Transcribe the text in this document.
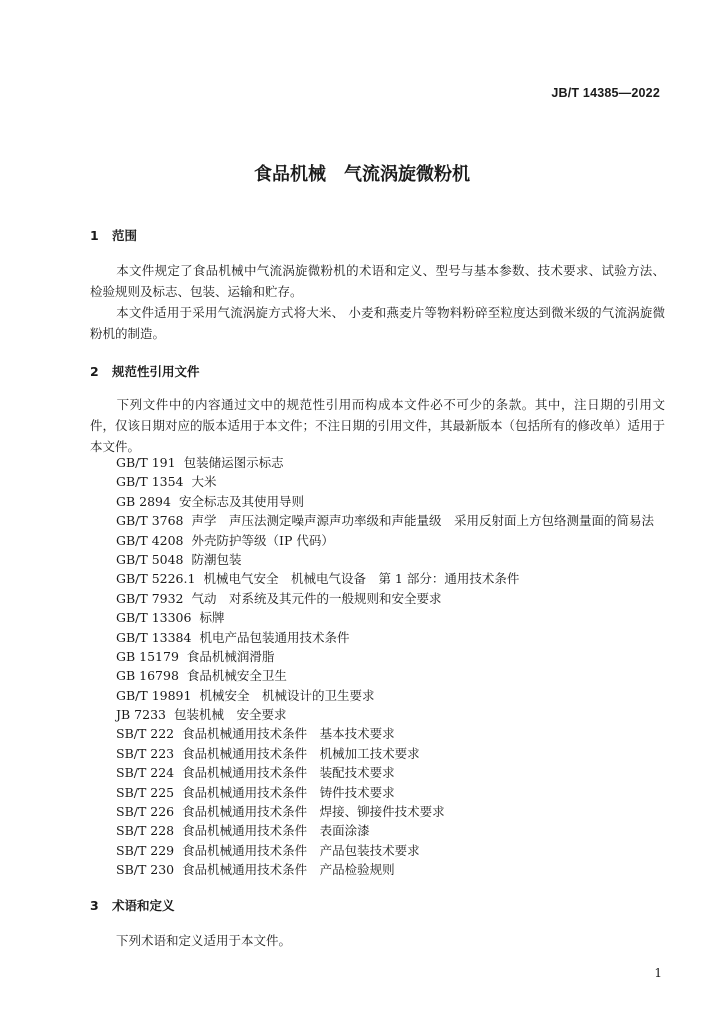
JB/T 14385—2022
食品机械　气流涡旋微粉机
1 范围
本文件规定了食品机械中气流涡旋微粉机的术语和定义、型号与基本参数、技术要求、试验方法、检验规则及标志、包装、运输和贮存。
本文件适用于采用气流涡旋方式将大米、 小麦和燕麦片等物料粉碎至粒度达到微米级的气流涡旋微粉机的制造。
2 规范性引用文件
下列文件中的内容通过文中的规范性引用而构成本文件必不可少的条款。其中，注日期的引用文件，仅该日期对应的版本适用于本文件；不注日期的引用文件，其最新版本（包括所有的修改单）适用于本文件。
GB/T 191 包装储运图示标志
GB/T 1354 大米
GB 2894 安全标志及其使用导则
GB/T 3768 声学　声压法测定噪声源声功率级和声能量级　采用反射面上方包络测量面的简易法
GB/T 4208 外壳防护等级（IP 代码）
GB/T 5048 防潮包装
GB/T 5226.1 机械电气安全　机械电气设备　第 1 部分：通用技术条件
GB/T 7932 气动　对系统及其元件的一般规则和安全要求
GB/T 13306 标牌
GB/T 13384 机电产品包装通用技术条件
GB 15179 食品机械润滑脂
GB 16798 食品机械安全卫生
GB/T 19891 机械安全　机械设计的卫生要求
JB 7233 包装机械　安全要求
SB/T 222 食品机械通用技术条件　基本技术要求
SB/T 223 食品机械通用技术条件　机械加工技术要求
SB/T 224 食品机械通用技术条件　装配技术要求
SB/T 225 食品机械通用技术条件　铸件技术要求
SB/T 226 食品机械通用技术条件　焊接、铆接件技术要求
SB/T 228 食品机械通用技术条件　表面涂漆
SB/T 229 食品机械通用技术条件　产品包装技术要求
SB/T 230 食品机械通用技术条件　产品检验规则
3 术语和定义
下列术语和定义适用于本文件。
1
